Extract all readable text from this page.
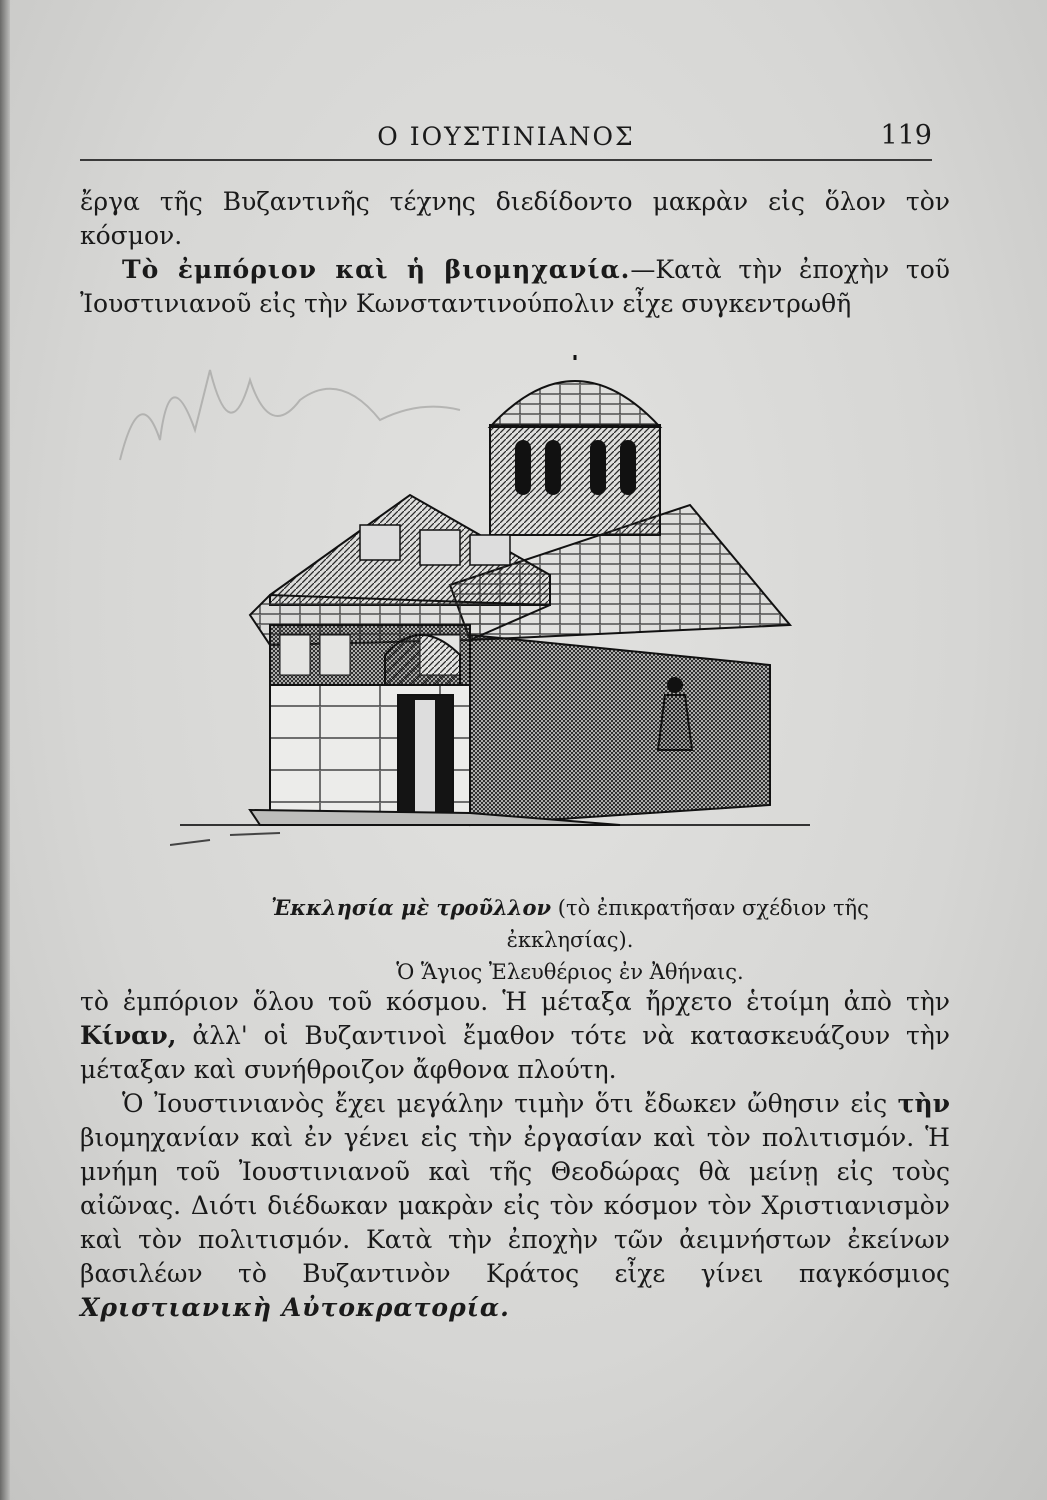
Ο ΙΟΥΣΤΙΝΙΑΝΟΣ	119

ἔργα τῆς Βυζαντινῆς τέχνης διεδίδοντο μακρὰν εἰς ὅλον τὸν κόσμον.

Τὸ ἐμπόριον καὶ ἡ βιομηχανία.—Κατὰ τὴν ἐποχὴν τοῦ Ἰουστινιανοῦ εἰς τὴν Κωνσταντινούπολιν εἶχε συγκεντρωθῆ

Ἐκκλησία μὲ τροῦλλον (τὸ ἐπικρατῆσαν σχέδιον τῆς ἐκκλησίας).
Ὁ Ἅγιος Ἐλευθέριος ἐν Ἀθήναις.

τὸ ἐμπόριον ὅλου τοῦ κόσμου. Ἡ μέταξα ἤρχετο ἑτοίμη ἀπὸ τὴν Κίναν, ἀλλ' οἱ Βυζαντινοὶ ἔμαθον τότε νὰ κατασκευάζουν τὴν μέταξαν καὶ συνήθροιζον ἄφθονα πλούτη.

Ὁ Ἰουστινιανὸς ἔχει μεγάλην τιμὴν ὅτι ἔδωκεν ὤθησιν εἰς τὴν βιομηχανίαν καὶ ἐν γένει εἰς τὴν ἐργασίαν καὶ τὸν πολιτισμόν. Ἡ μνήμη τοῦ Ἰουστινιανοῦ καὶ τῆς Θεοδώρας θὰ μείνῃ εἰς τοὺς αἰῶνας. Διότι διέδωκαν μακρὰν εἰς τὸν κόσμον τὸν Χριστιανισμὸν καὶ τὸν πολιτισμόν. Κατὰ τὴν ἐποχὴν τῶν ἀειμνήστων ἐκείνων βασιλέων τὸ Βυζαντινὸν Κράτος εἶχε γίνει παγκόσμιος Χριστιανικὴ Αὐτοκρατορία.
